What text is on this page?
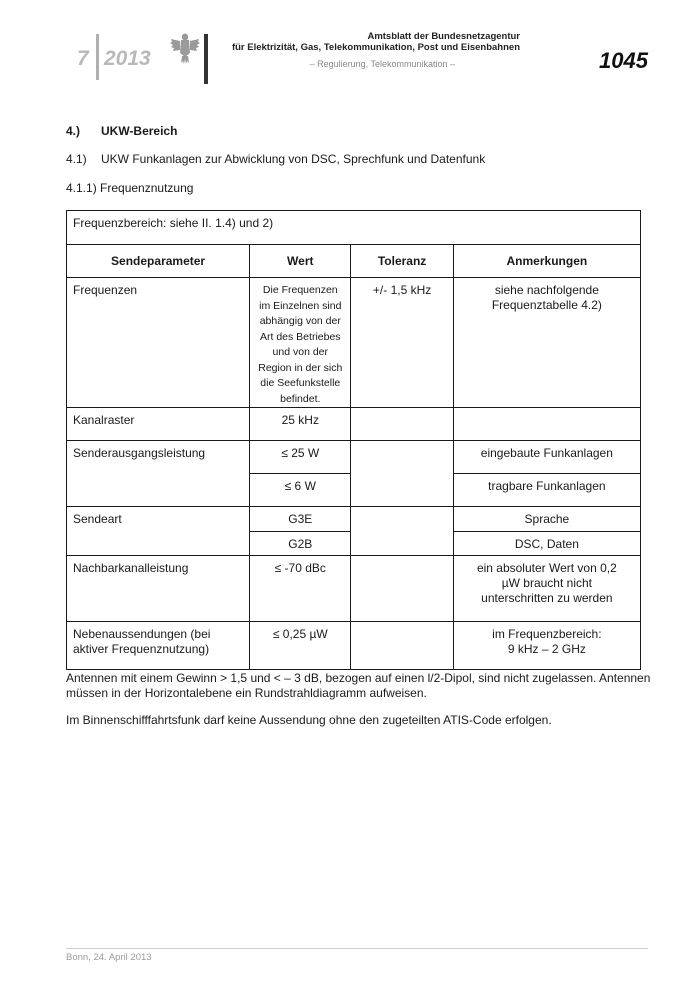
7 2013
Amtsblatt der Bundesnetzagentur
für Elektrizität, Gas, Telekommunikation, Post und Eisenbahnen
– Regulierung, Telekommunikation –	1045
4.) UKW-Bereich
4.1) UKW Funkanlagen zur Abwicklung von DSC, Sprechfunk und Datenfunk
4.1.1) Frequenznutzung
Frequenzbereich: siehe II. 1.4) und 2)			
Sendeparameter	Wert	Toleranz	Anmerkungen
Frequenzen	Die Frequenzen im Einzelnen sind abhängig von der Art des Betriebes und von der Region in der sich die Seefunkstelle befindet.	+/- 1,5 kHz	siehe nachfolgende Frequenztabelle 4.2)
Kanalraster	25 kHz		
Senderausgangsleistung	≤ 25 W		eingebaute Funkanlagen
	≤ 6 W		tragbare Funkanlagen
Sendeart	G3E		Sprache
	G2B		DSC, Daten
Nachbarkanalleistung	≤ -70 dBc		ein absoluter Wert von 0,2 µW braucht nicht unterschritten zu werden
Nebenaussendungen (bei aktiver Frequenznutzung)	≤ 0,25 µW		im Frequenzbereich:
9 kHz – 2 GHz
Antennen mit einem Gewinn > 1,5 und < – 3 dB, bezogen auf einen l/2-Dipol, sind nicht zugelassen. Antennen müssen in der Horizontalebene ein Rundstrahldiagramm aufweisen.
Im Binnenschifffahrtsfunk darf keine Aussendung ohne den zugeteilten ATIS-Code erfolgen.
Bonn, 24. April 2013
